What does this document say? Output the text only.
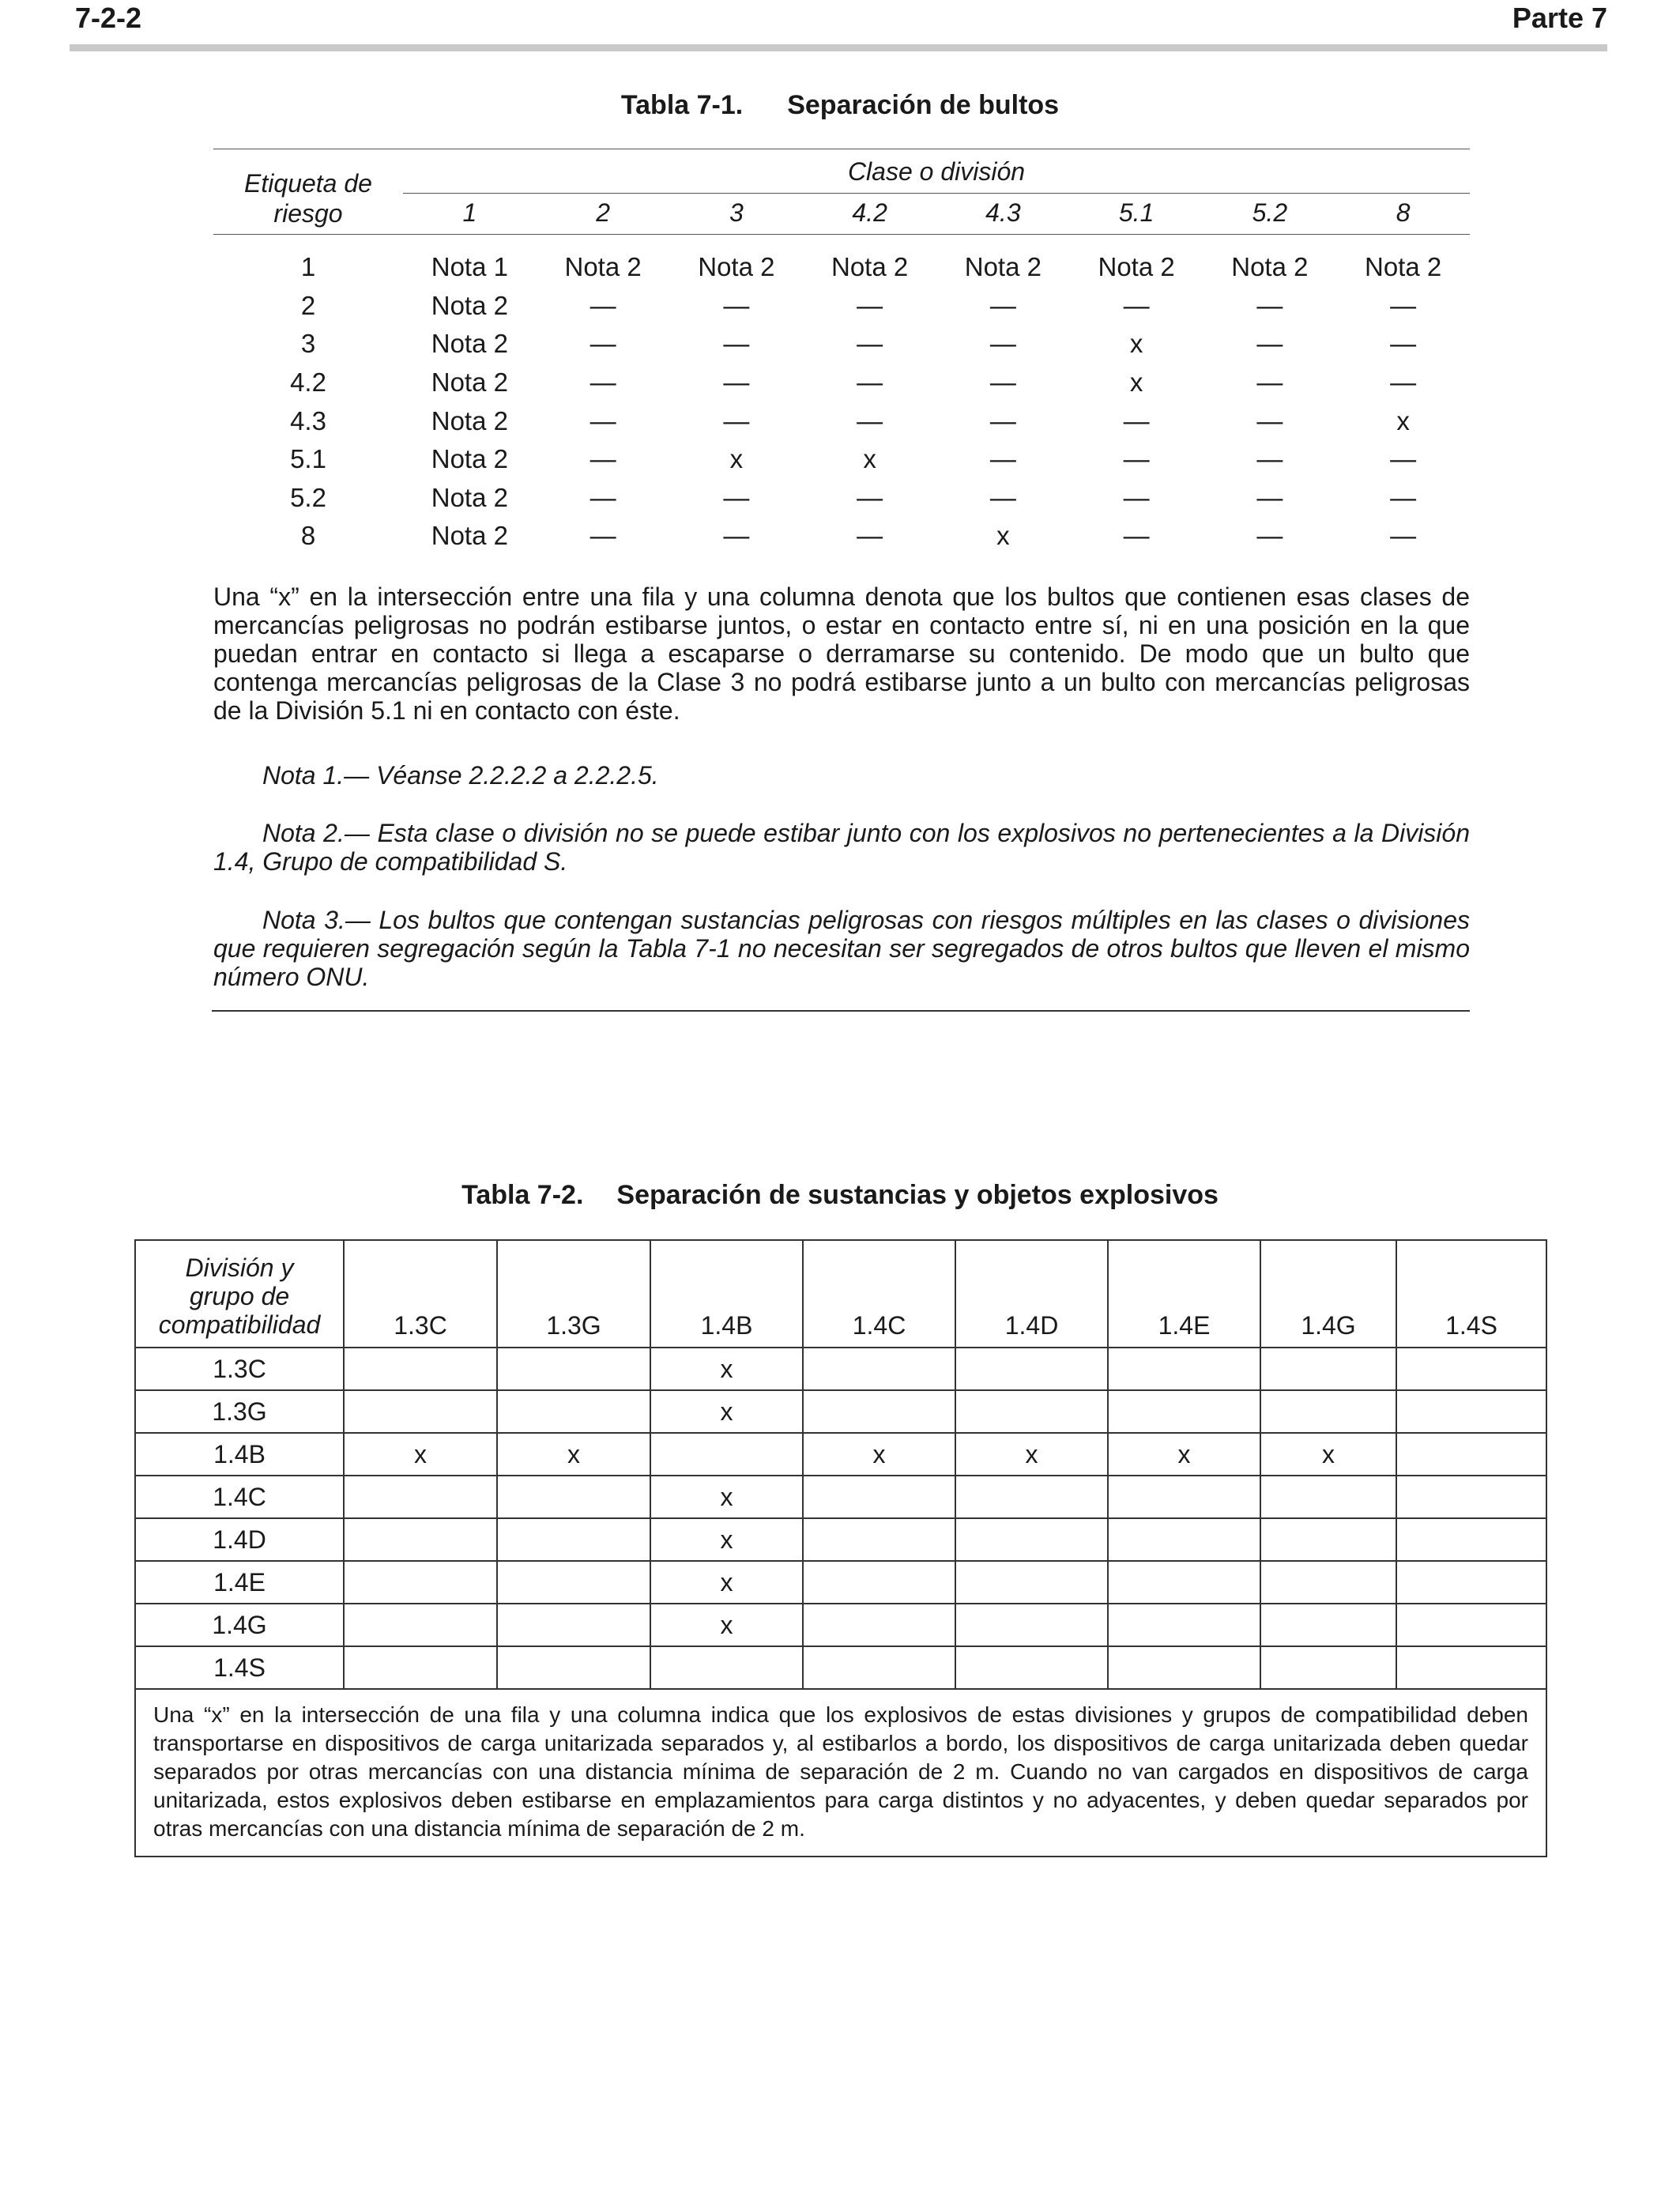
7-2-2	Parte 7
Tabla 7-1. Separación de bultos
Etiqueta de
riesgo
Clase o división
1	2	3	4.2	4.3	5.1	5.2	8
1	Nota 1	Nota 2	Nota 2	Nota 2	Nota 2	Nota 2	Nota 2	Nota 2
2	Nota 2	—	—	—	—	—	—	—
3	Nota 2	—	—	—	—	x	—	—
4.2	Nota 2	—	—	—	—	x	—	—
4.3	Nota 2	—	—	—	—	—	—	x
5.1	Nota 2	—	x	x	—	—	—	—
5.2	Nota 2	—	—	—	—	—	—	—
8	Nota 2	—	—	—	x	—	—	—
Una “x” en la intersección entre una fila y una columna denota que los bultos que contienen esas clases de mercancías peligrosas no podrán estibarse juntos, o estar en contacto entre sí, ni en una posición en la que puedan entrar en contacto si llega a escaparse o derramarse su contenido. De modo que un bulto que contenga mercancías peligrosas de la Clase 3 no podrá estibarse junto a un bulto con mercancías peligrosas de la División 5.1 ni en contacto con éste.
Nota 1.— Véanse 2.2.2.2 a 2.2.2.5.
Nota 2.— Esta clase o división no se puede estibar junto con los explosivos no pertenecientes a la División 1.4, Grupo de compatibilidad S.
Nota 3.— Los bultos que contengan sustancias peligrosas con riesgos múltiples en las clases o divisiones que requieren segregación según la Tabla 7-1 no necesitan ser segregados de otros bultos que lleven el mismo número ONU.
Tabla 7-2. Separación de sustancias y objetos explosivos
División y
grupo de
compatibilidad	1.3C	1.3G	1.4B	1.4C	1.4D	1.4E	1.4G	1.4S
1.3C			x					
1.3G			x					
1.4B	x	x		x	x	x	x	
1.4C			x					
1.4D			x					
1.4E			x					
1.4G			x					
1.4S								
Una “x” en la intersección de una fila y una columna indica que los explosivos de estas divisiones y grupos de compatibilidad deben transportarse en dispositivos de carga unitarizada separados y, al estibarlos a bordo, los dispositivos de carga unitarizada deben quedar separados por otras mercancías con una distancia mínima de separación de 2 m. Cuando no van cargados en dispositivos de carga unitarizada, estos explosivos deben estibarse en emplazamientos para carga distintos y no adyacentes, y deben quedar separados por otras mercancías con una distancia mínima de separación de 2 m.								
